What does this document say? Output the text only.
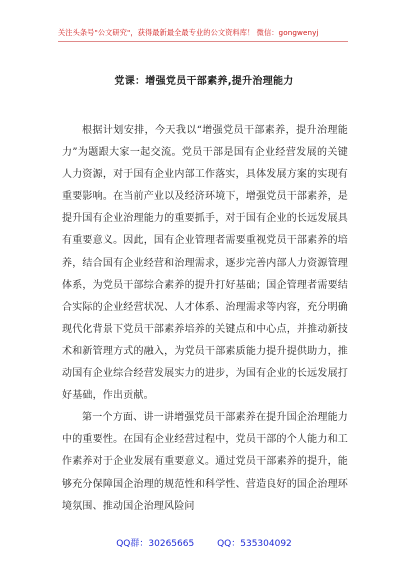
关注头条号"公文研究"，获得最新最全最专业的公文资料库！ 微信：gongwenyj
党课：增强党员干部素养,提升治理能力

根据计划安排，今天我以“增强党员干部素养，提升治理能力”为题跟大家一起交流。党员干部是国有企业经营发展的关键人力资源，对于国有企业内部工作落实，具体发展方案的实现有重要影响。在当前产业以及经济环境下，增强党员干部素养，是提升国有企业治理能力的重要抓手，对于国有企业的长远发展具有重要意义。因此，国有企业管理者需要重视党员干部素养的培养，结合国有企业经营和治理需求，逐步完善内部人力资源管理体系，为党员干部综合素养的提升打好基础；国企管理者需要结合实际的企业经营状况、人才体系、治理需求等内容，充分明确现代化背景下党员干部素养培养的关键点和中心点，并推动新技术和新管理方式的融入，为党员干部素质能力提升提供助力，推动国有企业综合经营发展实力的进步，为国有企业的长远发展打好基础，作出贡献。

第一个方面、讲一讲增强党员干部素养在提升国企治理能力中的重要性。在国有企业经营过程中，党员干部的个人能力和工作素养对于企业发展有重要意义。通过党员干部素养的提升，能够充分保障国企治理的规范性和科学性、营造良好的国企治理环境氛围、推动国企治理风险问

QQ群：30265665	QQ：535304092
